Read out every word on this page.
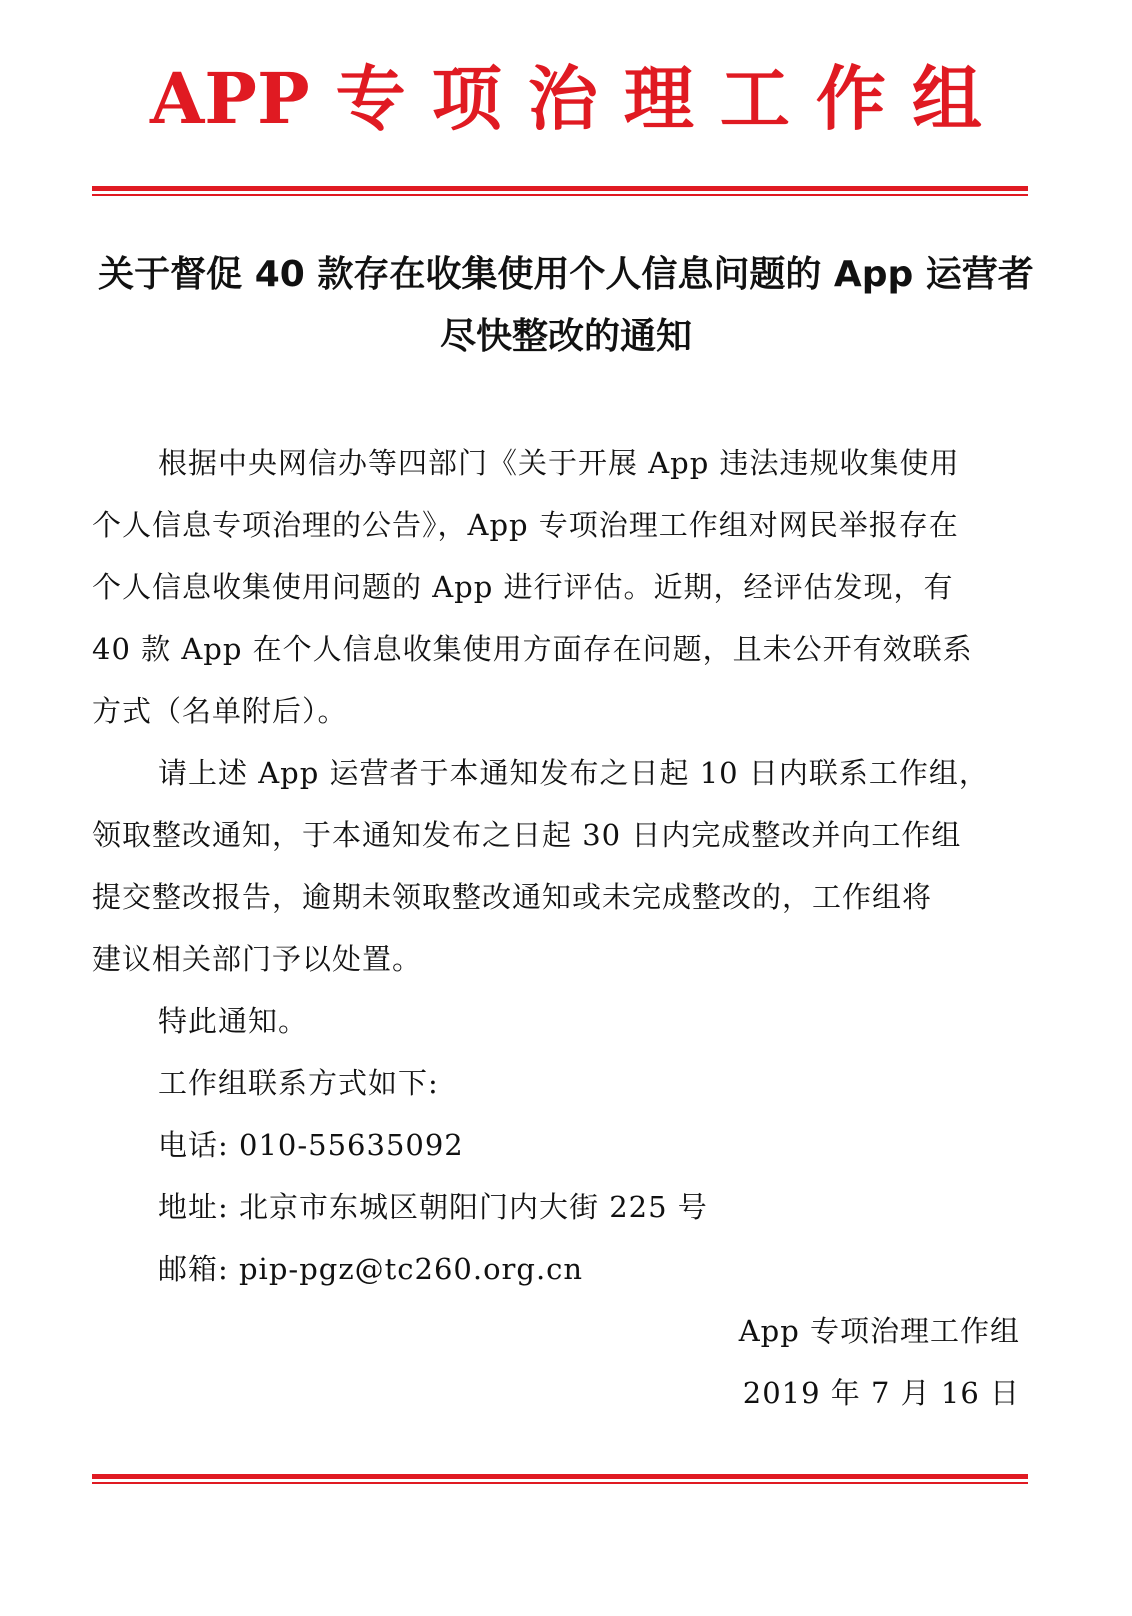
APP 专 项 治 理 工 作 组
关于督促 40 款存在收集使用个人信息问题的 App 运营者
尽快整改的通知
根据中央网信办等四部门《关于开展 App 违法违规收集使用
个人信息专项治理的公告》，App 专项治理工作组对网民举报存在
个人信息收集使用问题的 App 进行评估。近期，经评估发现，有
40 款 App 在个人信息收集使用方面存在问题，且未公开有效联系
方式（名单附后）。
请上述 App 运营者于本通知发布之日起 10 日内联系工作组，
领取整改通知，于本通知发布之日起 30 日内完成整改并向工作组
提交整改报告，逾期未领取整改通知或未完成整改的，工作组将
建议相关部门予以处置。
特此通知。
工作组联系方式如下:
电话: 010-55635092
地址: 北京市东城区朝阳门内大街 225 号
邮箱: pip-pgz@tc260.org.cn
App 专项治理工作组
2019 年 7 月 16 日
